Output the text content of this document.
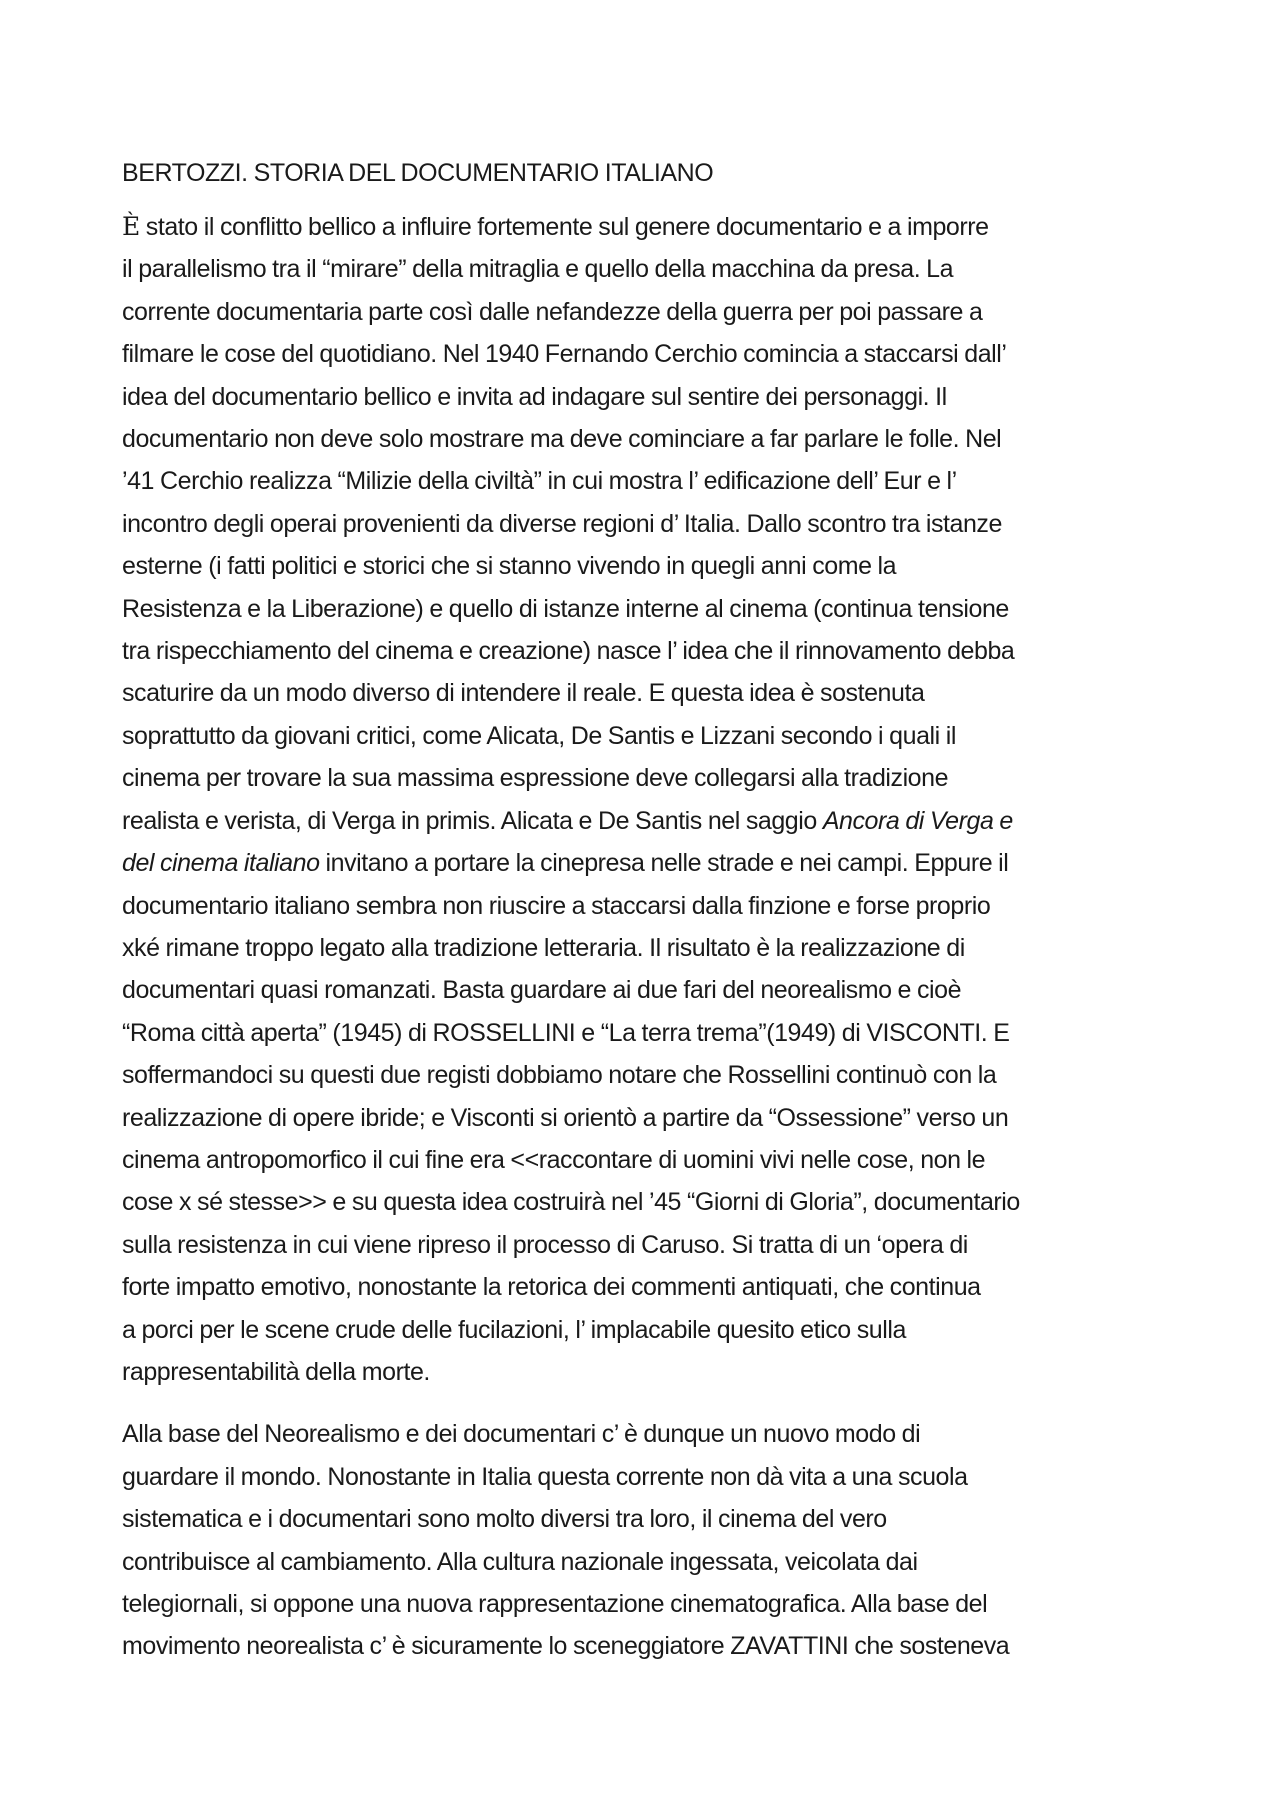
BERTOZZI. STORIA DEL DOCUMENTARIO ITALIANO
È stato il conflitto bellico a influire fortemente sul genere documentario e a imporre
il parallelismo tra il “mirare” della mitraglia e quello della macchina da presa. La
corrente documentaria parte così dalle nefandezze della guerra per poi passare a
filmare le cose del quotidiano. Nel 1940 Fernando Cerchio comincia a staccarsi dall’
idea del documentario bellico e invita ad indagare sul sentire dei personaggi. Il
documentario non deve solo mostrare ma deve cominciare a far parlare le folle. Nel
’41 Cerchio realizza “Milizie della civiltà” in cui mostra l’ edificazione dell’ Eur e l’
incontro degli operai provenienti da diverse regioni d’ Italia. Dallo scontro tra istanze
esterne (i fatti politici e storici che si stanno vivendo in quegli anni come la
Resistenza e la Liberazione) e quello di istanze interne al cinema (continua tensione
tra rispecchiamento del cinema e creazione) nasce l’ idea che il rinnovamento debba
scaturire da un modo diverso di intendere il reale. E questa idea è sostenuta
soprattutto da giovani critici, come Alicata, De Santis e Lizzani secondo i quali il
cinema per trovare la sua massima espressione deve collegarsi alla tradizione
realista e verista, di Verga in primis. Alicata e De Santis nel saggio Ancora di Verga e
del cinema italiano invitano a portare la cinepresa nelle strade e nei campi. Eppure il
documentario italiano sembra non riuscire a staccarsi dalla finzione e forse proprio
xké rimane troppo legato alla tradizione letteraria. Il risultato è la realizzazione di
documentari quasi romanzati. Basta guardare ai due fari del neorealismo e cioè
“Roma città aperta” (1945) di ROSSELLINI e “La terra trema”(1949) di VISCONTI. E
soffermandoci su questi due registi dobbiamo notare che Rossellini continuò con la
realizzazione di opere ibride; e Visconti si orientò a partire da “Ossessione” verso un
cinema antropomorfico il cui fine era <<raccontare di uomini vivi nelle cose, non le
cose x sé stesse>> e su questa idea costruirà nel ’45 “Giorni di Gloria”, documentario
sulla resistenza in cui viene ripreso il processo di Caruso. Si tratta di un ‘opera di
forte impatto emotivo, nonostante la retorica dei commenti antiquati, che continua
a porci per le scene crude delle fucilazioni, l’ implacabile quesito etico sulla
rappresentabilità della morte.
Alla base del Neorealismo e dei documentari c’ è dunque un nuovo modo di
guardare il mondo. Nonostante in Italia questa corrente non dà vita a una scuola
sistematica e i documentari sono molto diversi tra loro, il cinema del vero
contribuisce al cambiamento. Alla cultura nazionale ingessata, veicolata dai
telegiornali, si oppone una nuova rappresentazione cinematografica. Alla base del
movimento neorealista c’ è sicuramente lo sceneggiatore ZAVATTINI che sosteneva
